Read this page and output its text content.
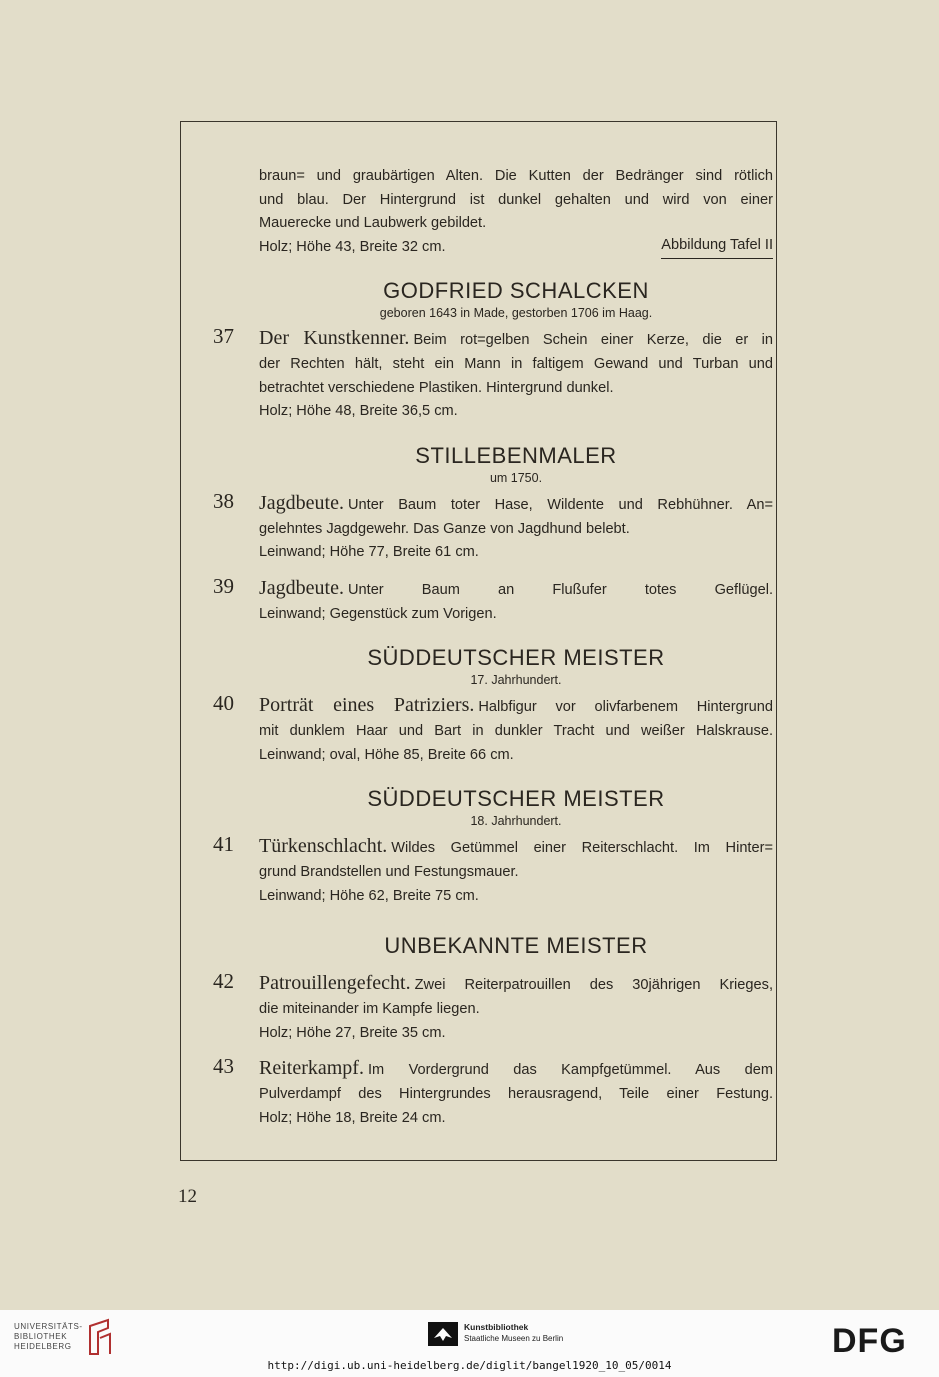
braun= und graubärtigen Alten. Die Kutten der Bedränger sind rötlich
und blau. Der Hintergrund ist dunkel gehalten und wird von einer
Mauerecke und Laubwerk gebildet.
Holz; Höhe 43, Breite 32 cm.	Abbildung Tafel II
GODFRIED SCHALCKEN
geboren 1643 in Made, gestorben 1706 im Haag.
37 Der Kunstkenner. Beim rot=gelben Schein einer Kerze, die er in
der Rechten hält, steht ein Mann in faltigem Gewand und Turban und
betrachtet verschiedene Plastiken. Hintergrund dunkel.
Holz; Höhe 48, Breite 36,5 cm.
STILLEBENMALER
um 1750.
38 Jagdbeute. Unter Baum toter Hase, Wildente und Rebhühner. An=
gelehntes Jagdgewehr. Das Ganze von Jagdhund belebt.
Leinwand; Höhe 77, Breite 61 cm.
39 Jagdbeute. Unter Baum an Flußufer totes Geflügel.
Leinwand; Gegenstück zum Vorigen.
SÜDDEUTSCHER MEISTER
17. Jahrhundert.
40 Porträt eines Patriziers. Halbfigur vor olivfarbenem Hintergrund
mit dunklem Haar und Bart in dunkler Tracht und weißer Halskrause.
Leinwand; oval, Höhe 85, Breite 66 cm.
SÜDDEUTSCHER MEISTER
18. Jahrhundert.
41 Türkenschlacht. Wildes Getümmel einer Reiterschlacht. Im Hinter=
grund Brandstellen und Festungsmauer.
Leinwand; Höhe 62, Breite 75 cm.
UNBEKANNTE MEISTER
42 Patrouillengefecht. Zwei Reiterpatrouillen des 30jährigen Krieges,
die miteinander im Kampfe liegen.
Holz; Höhe 27, Breite 35 cm.
43 Reiterkampf. Im Vordergrund das Kampfgetümmel. Aus dem
Pulverdampf des Hintergrundes herausragend, Teile einer Festung.
Holz; Höhe 18, Breite 24 cm.
12
UNIVERSITÄTS-
BIBLIOTHEK
HEIDELBERG
Kunstbibliothek
Staatliche Museen zu Berlin	DFG
http://digi.ub.uni-heidelberg.de/diglit/bangel1920_10_05/0014
